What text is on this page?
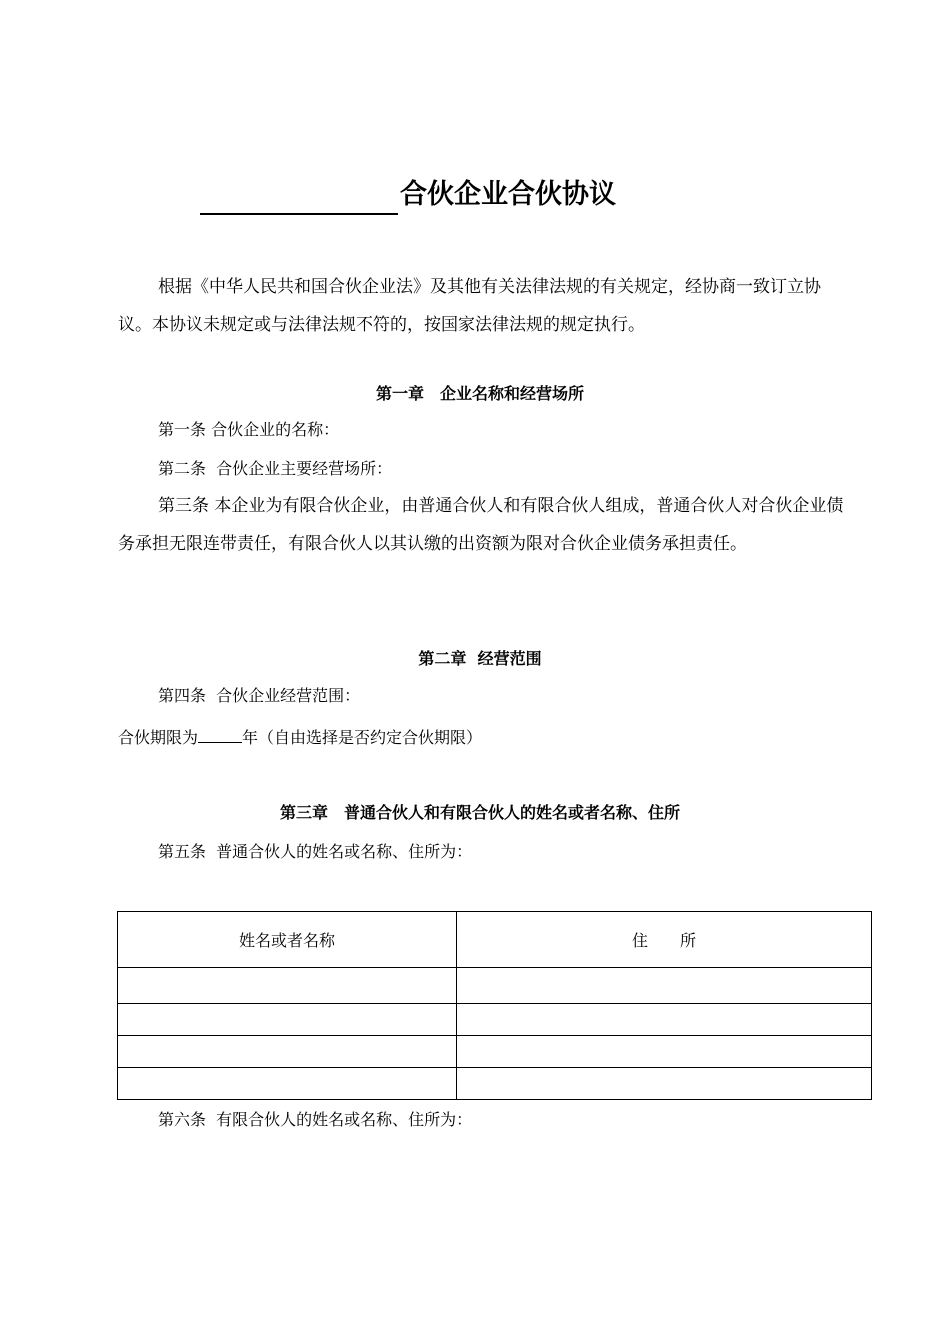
合伙企业合伙协议
根据《中华人民共和国合伙企业法》及其他有关法律法规的有关规定，经协商一致订立协议。本协议未规定或与法律法规不符的，按国家法律法规的规定执行。
第一章　企业名称和经营场所
第一条 合伙企业的名称：
第二条  合伙企业主要经营场所：
第三条 本企业为有限合伙企业，由普通合伙人和有限合伙人组成，普通合伙人对合伙企业债务承担无限连带责任，有限合伙人以其认缴的出资额为限对合伙企业债务承担责任。
第二章  经营范围
第四条  合伙企业经营范围：
合伙期限为	年（自由选择是否约定合伙期限）
第三章　普通合伙人和有限合伙人的姓名或者名称、住所
第五条  普通合伙人的姓名或名称、住所为：
姓名或者名称	住　　所

第六条  有限合伙人的姓名或名称、住所为：
